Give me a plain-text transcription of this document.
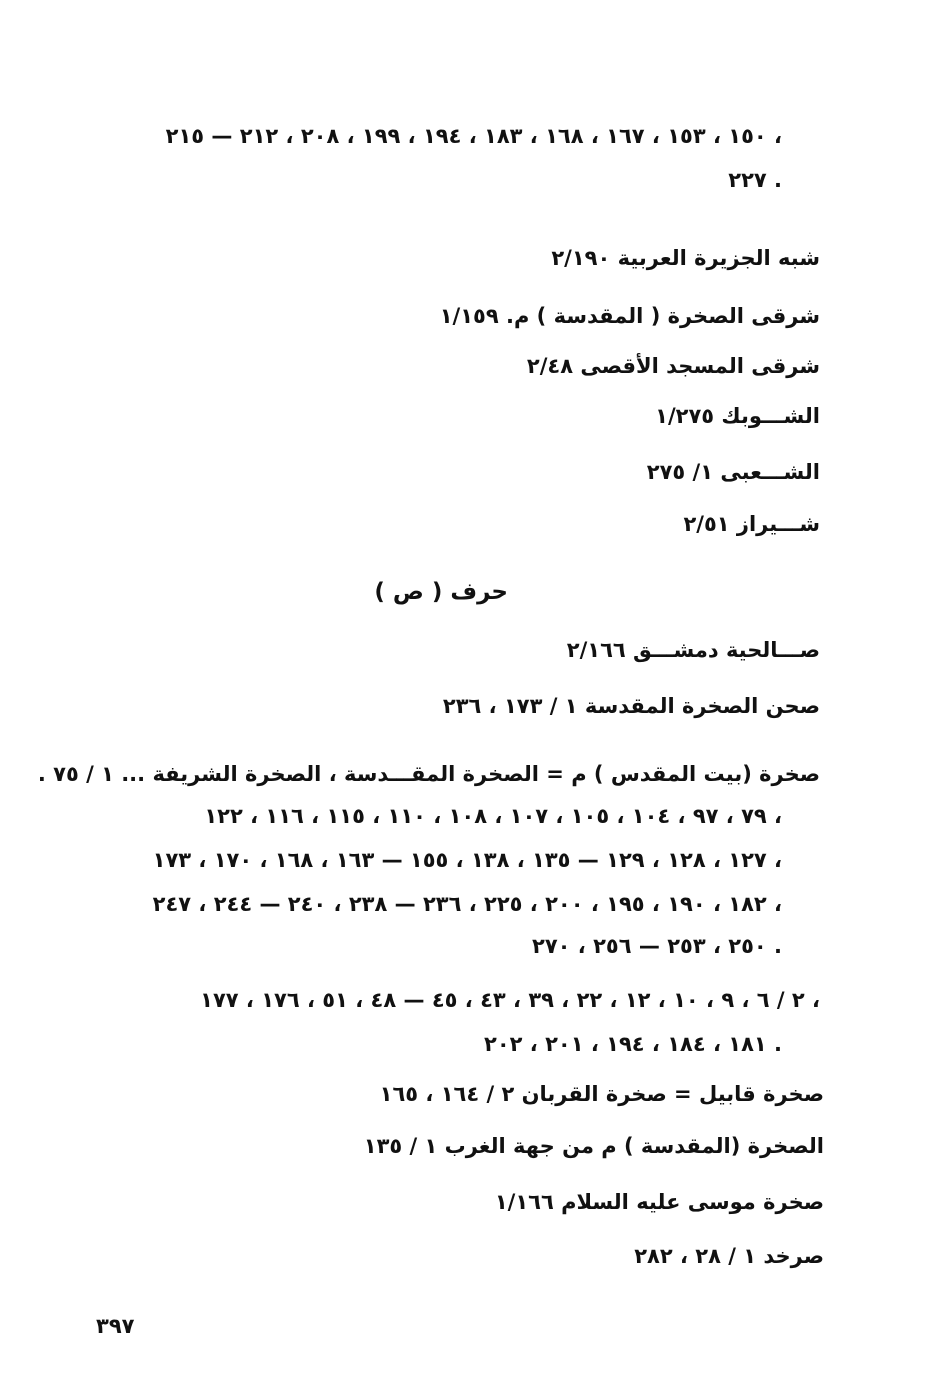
١٥٠ ، ١٥٣ ، ١٦٧ ، ١٦٨ ، ١٨٣ ، ١٩٤ ، ١٩٩ ، ٢٠٨ ، ٢١٢ — ٢١٥ ،
٢٢٧ .
شبه الجزيرة العربية ٢/١٩٠
شرقى الصخرة ( المقدسة ) م. ١/١٥٩
شرقى المسجد الأقصى ٢/٤٨
الشـــوبك ١/٢٧٥
الشـــعبى ١/ ٢٧٥
شـــيراز ٢/٥١
حرف ( ص )
صـــالحية دمشـــق ٢/١٦٦
صحن الصخرة المقدسة ١ / ١٧٣ ، ٢٣٦
صخرة (بيت المقدس ) م = الصخرة المقـــدسة ، الصخرة الشريفة ... ١ / ٧٥ .
٧٩ ، ٩٧ ، ١٠٤ ، ١٠٥ ، ١٠٧ ، ١٠٨ ، ١١٠ ، ١١٥ ، ١١٦ ، ١٢٢ ،
١٢٧ ، ١٢٨ ، ١٢٩ — ١٣٥ ، ١٣٨ ، ١٥٥ — ١٦٣ ، ١٦٨ ، ١٧٠ ، ١٧٣ ،
١٨٢ ، ١٩٠ ، ١٩٥ ، ٢٠٠ ، ٢٢٥ ، ٢٣٦ — ٢٣٨ ، ٢٤٠ — ٢٤٤ ، ٢٤٧ ،
٢٥٠ ، ٢٥٣ — ٢٥٦ ، ٢٧٠ .
٢ / ٦ ، ٩ ، ١٠ ، ١٢ ، ٢٢ ، ٣٩ ، ٤٣ ، ٤٥ — ٤٨ ، ٥١ ، ١٧٦ ، ١٧٧ ،
١٨١ ، ١٨٤ ، ١٩٤ ، ٢٠١ ، ٢٠٢ .
صخرة قابيل = صخرة القربان ٢ / ١٦٤ ، ١٦٥
الصخرة (المقدسة ) م من جهة الغرب ١ / ١٣٥
صخرة موسى عليه السلام ١/١٦٦
صرخد ١ / ٢٨ ، ٢٨٢
٣٩٧
